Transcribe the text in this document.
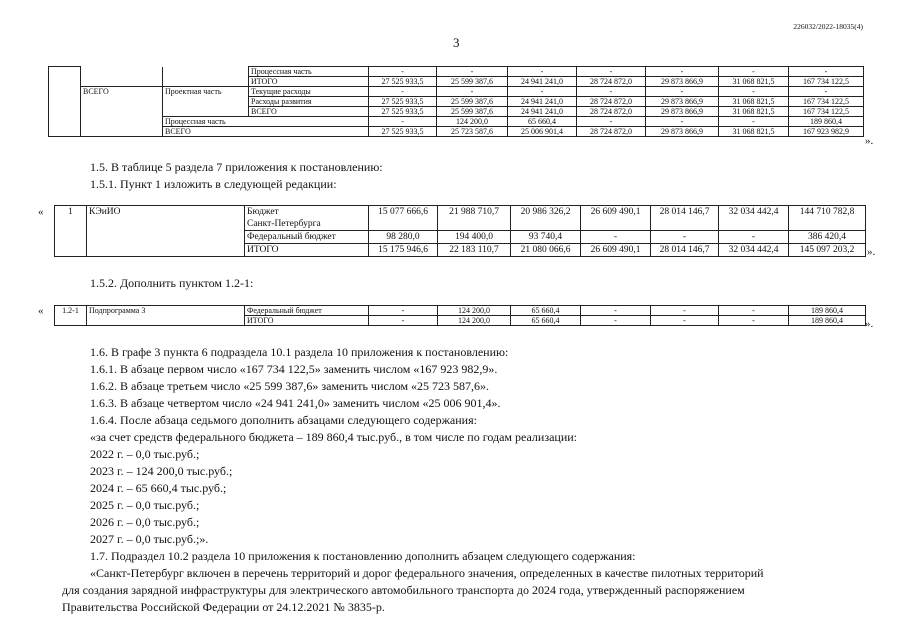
226032/2022-18035(4)
3
			Процессная часть	-	-	-	-	-	-	-
			ИТОГО	27 525 933,5	25 599 387,6	24 941 241,0	28 724 872,0	29 873 866,9	31 068 821,5	167 734 122,5
	ВСЕГО	Проектная часть	Текущие расходы	-	-	-	-	-	-	-
			Расходы развития	27 525 933,5	25 599 387,6	24 941 241,0	28 724 872,0	29 873 866,9	31 068 821,5	167 734 122,5
			ВСЕГО	27 525 933,5	25 599 387,6	24 941 241,0	28 724 872,0	29 873 866,9	31 068 821,5	167 734 122,5
		Процессная часть		-	124 200,0	65 660,4	-	-	-	189 860,4
		ВСЕГО		27 525 933,5	25 723 587,6	25 006 901,4	28 724 872,0	29 873 866,9	31 068 821,5	167 923 982,9
».
1.5. В таблице 5 раздела 7 приложения к постановлению:
1.5.1. Пункт 1 изложить в следующей редакции:
«	1	КЭиИО	Бюджет	15 077 666,6	21 988 710,7	20 986 326,2	26 609 490,1	28 014 146,7	32 034 442,4	144 710 782,8
		Санкт-Петербурга							
		Федеральный бюджет	98 280,0	194 400,0	93 740,4	-	-	-	386 420,4
		ИТОГО	15 175 946,6	22 183 110,7	21 080 066,6	26 609 490,1	28 014 146,7	32 034 442,4	145 097 203,2 ».
1.5.2. Дополнить пунктом 1.2-1:
« 1.2-1	Подпрограмма 3	Федеральный бюджет	-	124 200,0	65 660,4	-	-	-	189 860,4
		ИТОГО	-	124 200,0	65 660,4	-	-	-	189 860,4 ».
1.6. В графе 3 пункта 6 подраздела 10.1 раздела 10 приложения к постановлению:
1.6.1. В абзаце первом число «167 734 122,5» заменить числом «167 923 982,9».
1.6.2. В абзаце третьем число «25 599 387,6» заменить числом «25 723 587,6».
1.6.3. В абзаце четвертом число «24 941 241,0» заменить числом «25 006 901,4».
1.6.4. После абзаца седьмого дополнить абзацами следующего содержания:
«за счет средств федерального бюджета – 189 860,4 тыс.руб., в том числе по годам реализации:
2022 г. – 0,0 тыс.руб.;
2023 г. – 124 200,0 тыс.руб.;
2024 г. – 65 660,4 тыс.руб.;
2025 г. – 0,0 тыс.руб.;
2026 г. – 0,0 тыс.руб.;
2027 г. – 0,0 тыс.руб.;».
1.7. Подраздел 10.2 раздела 10 приложения к постановлению дополнить абзацем следующего содержания:
«Санкт-Петербург включен в перечень территорий и дорог федерального значения, определенных в качестве пилотных территорий
для создания зарядной инфраструктуры для электрического автомобильного транспорта до 2024 года, утвержденный распоряжением
Правительства Российской Федерации от 24.12.2021 № 3835-р.
